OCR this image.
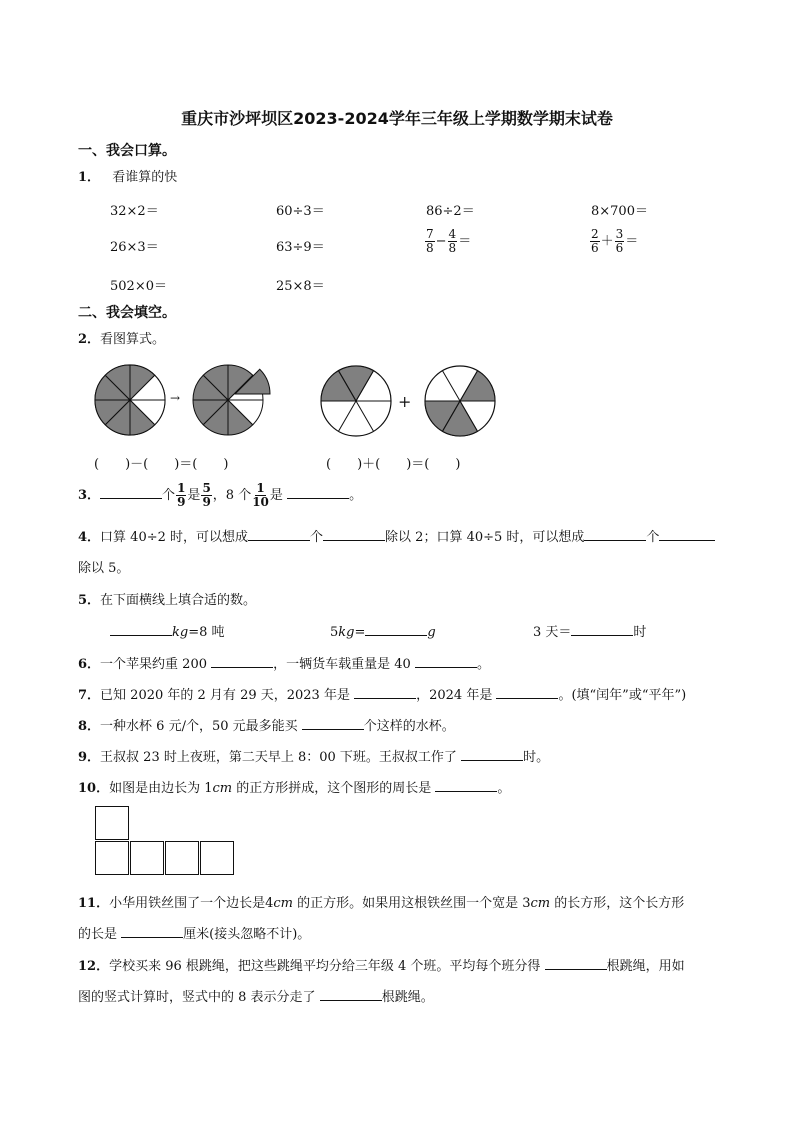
重庆市沙坪坝区2023-2024学年三年级上学期数学期末试卷
一、我会口算。
1． 看谁算的快
32×2＝	60÷3＝	86÷2＝	8×700＝
26×3＝	63÷9＝	$\frac{7}{8} - \frac{4}{8}$ ＝	$\frac{2}{6} + \frac{3}{6}$ ＝
502×0＝	25×8＝
二、我会填空。
2．看图算式。
→	+
(　　)－(　　)＝(　　)	(　　)＋(　　)＝(　　)
3．	个 $\frac{1}{9}$ 是 $\frac{5}{9}$ ，8 个 $\frac{1}{10}$ 是	。
4．口算 40÷2 时，可以想成	个	除以 2；口算 40÷5 时，可以想成	个
除以 5。
5．在下面横线上填合适的数。
kg=8 吨	5kg=	g	3 天＝	时
6．一个苹果约重 200	，一辆货车载重量是 40	。
7．已知 2020 年的 2 月有 29 天，2023 年是	，2024 年是	。(填“闰年”或“平年”)
8．一种水杯 6 元/个，50 元最多能买	个这样的水杯。
9．王叔叔 23 时上夜班，第二天早上 8：00 下班。王叔叔工作了	时。
10．如图是由边长为 1cm 的正方形拼成，这个图形的周长是	。
11．小华用铁丝围了一个边长是4cm 的正方形。如果用这根铁丝围一个宽是 3cm 的长方形，这个长方形
的长是	厘米(接头忽略不计)。
12．学校买来 96 根跳绳，把这些跳绳平均分给三年级 4 个班。平均每个班分得	根跳绳，用如
图的竖式计算时，竖式中的 8 表示分走了	根跳绳。
